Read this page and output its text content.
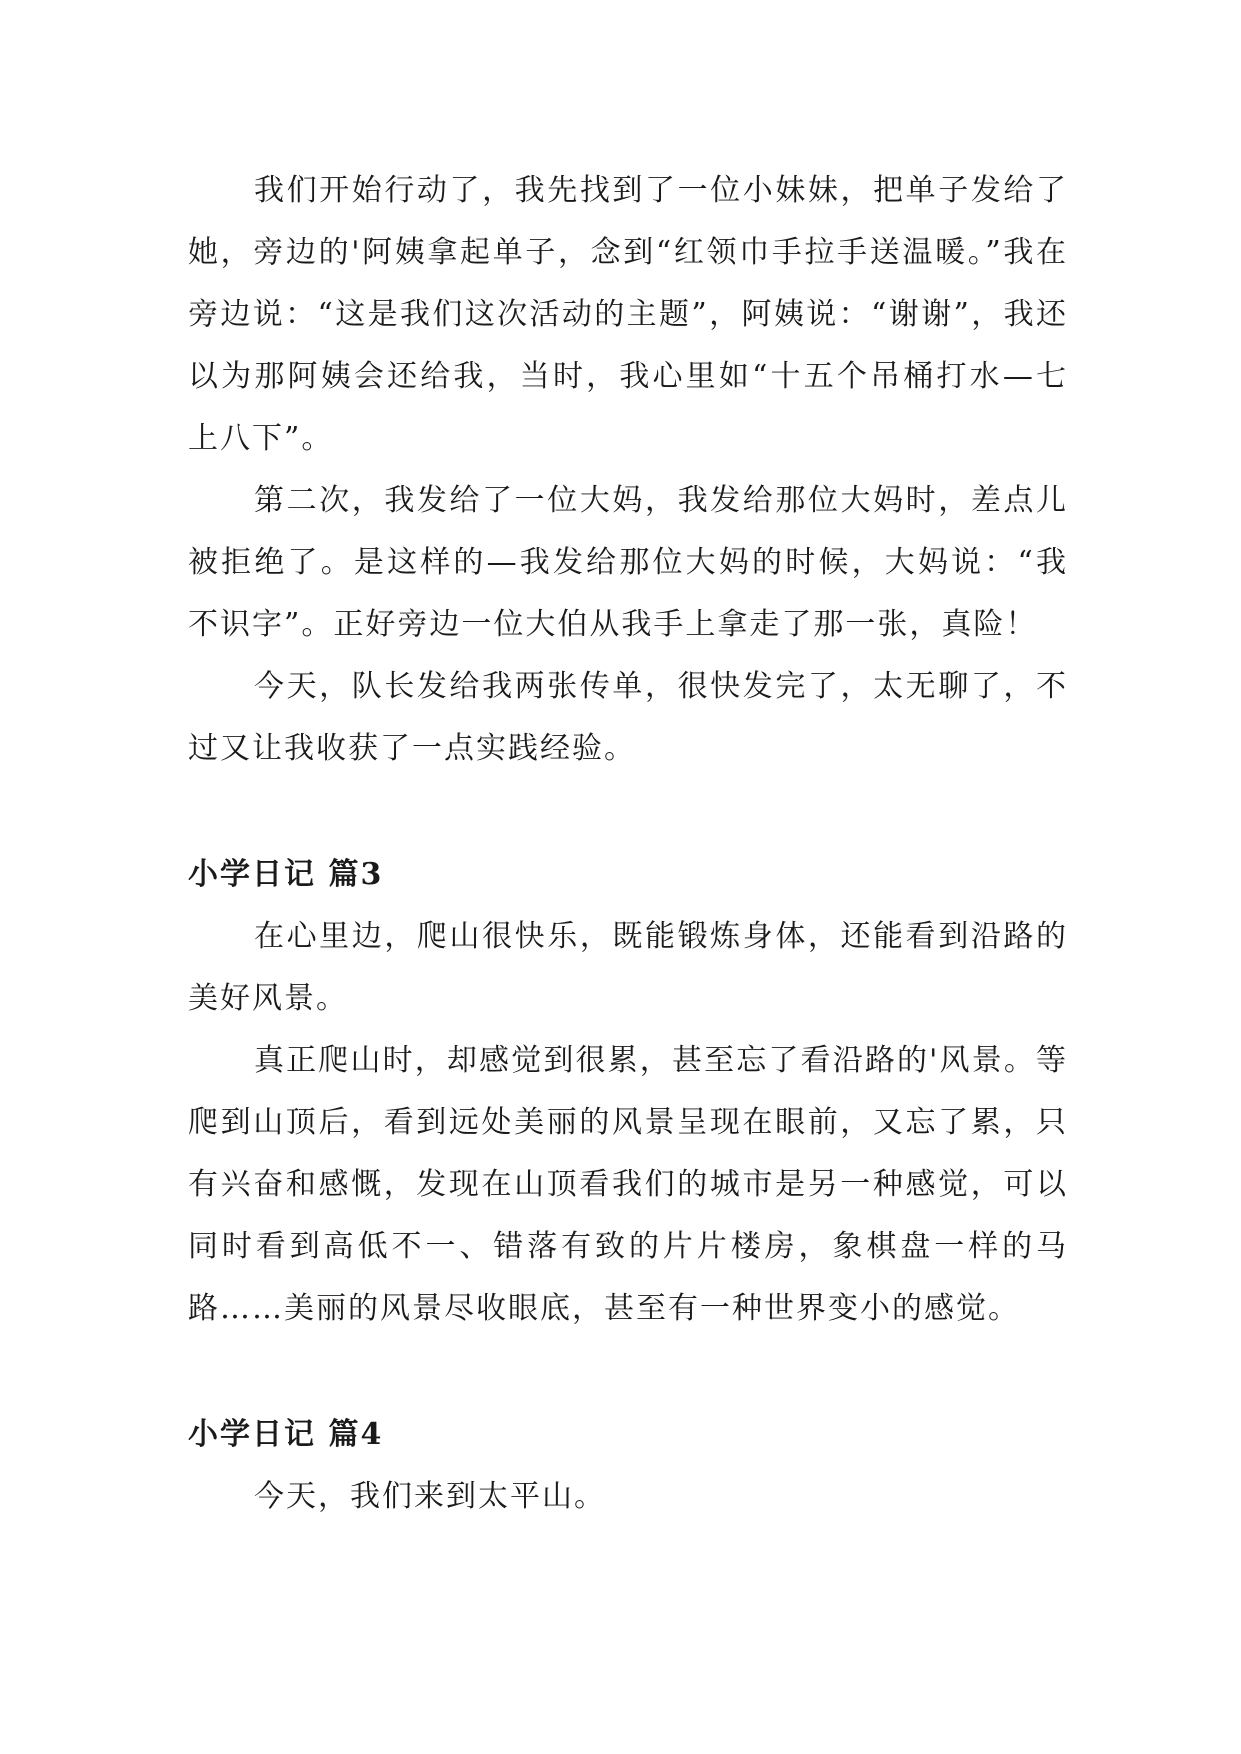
我们开始行动了，我先找到了一位小妹妹，把单子发给了她，旁边的'阿姨拿起单子，念到“红领巾手拉手送温暖。”我在旁边说：“这是我们这次活动的主题”，阿姨说：“谢谢”，我还以为那阿姨会还给我，当时，我心里如“十五个吊桶打水—七上八下”。

第二次，我发给了一位大妈，我发给那位大妈时，差点儿被拒绝了。是这样的—我发给那位大妈的时候，大妈说：“我不识字”。正好旁边一位大伯从我手上拿走了那一张，真险！

今天，队长发给我两张传单，很快发完了，太无聊了，不过又让我收获了一点实践经验。

小学日记 篇3

在心里边，爬山很快乐，既能锻炼身体，还能看到沿路的美好风景。

真正爬山时，却感觉到很累，甚至忘了看沿路的'风景。等爬到山顶后，看到远处美丽的风景呈现在眼前，又忘了累，只有兴奋和感慨，发现在山顶看我们的城市是另一种感觉，可以同时看到高低不一、错落有致的片片楼房，象棋盘一样的马路……美丽的风景尽收眼底，甚至有一种世界变小的感觉。

小学日记 篇4

今天，我们来到太平山。
